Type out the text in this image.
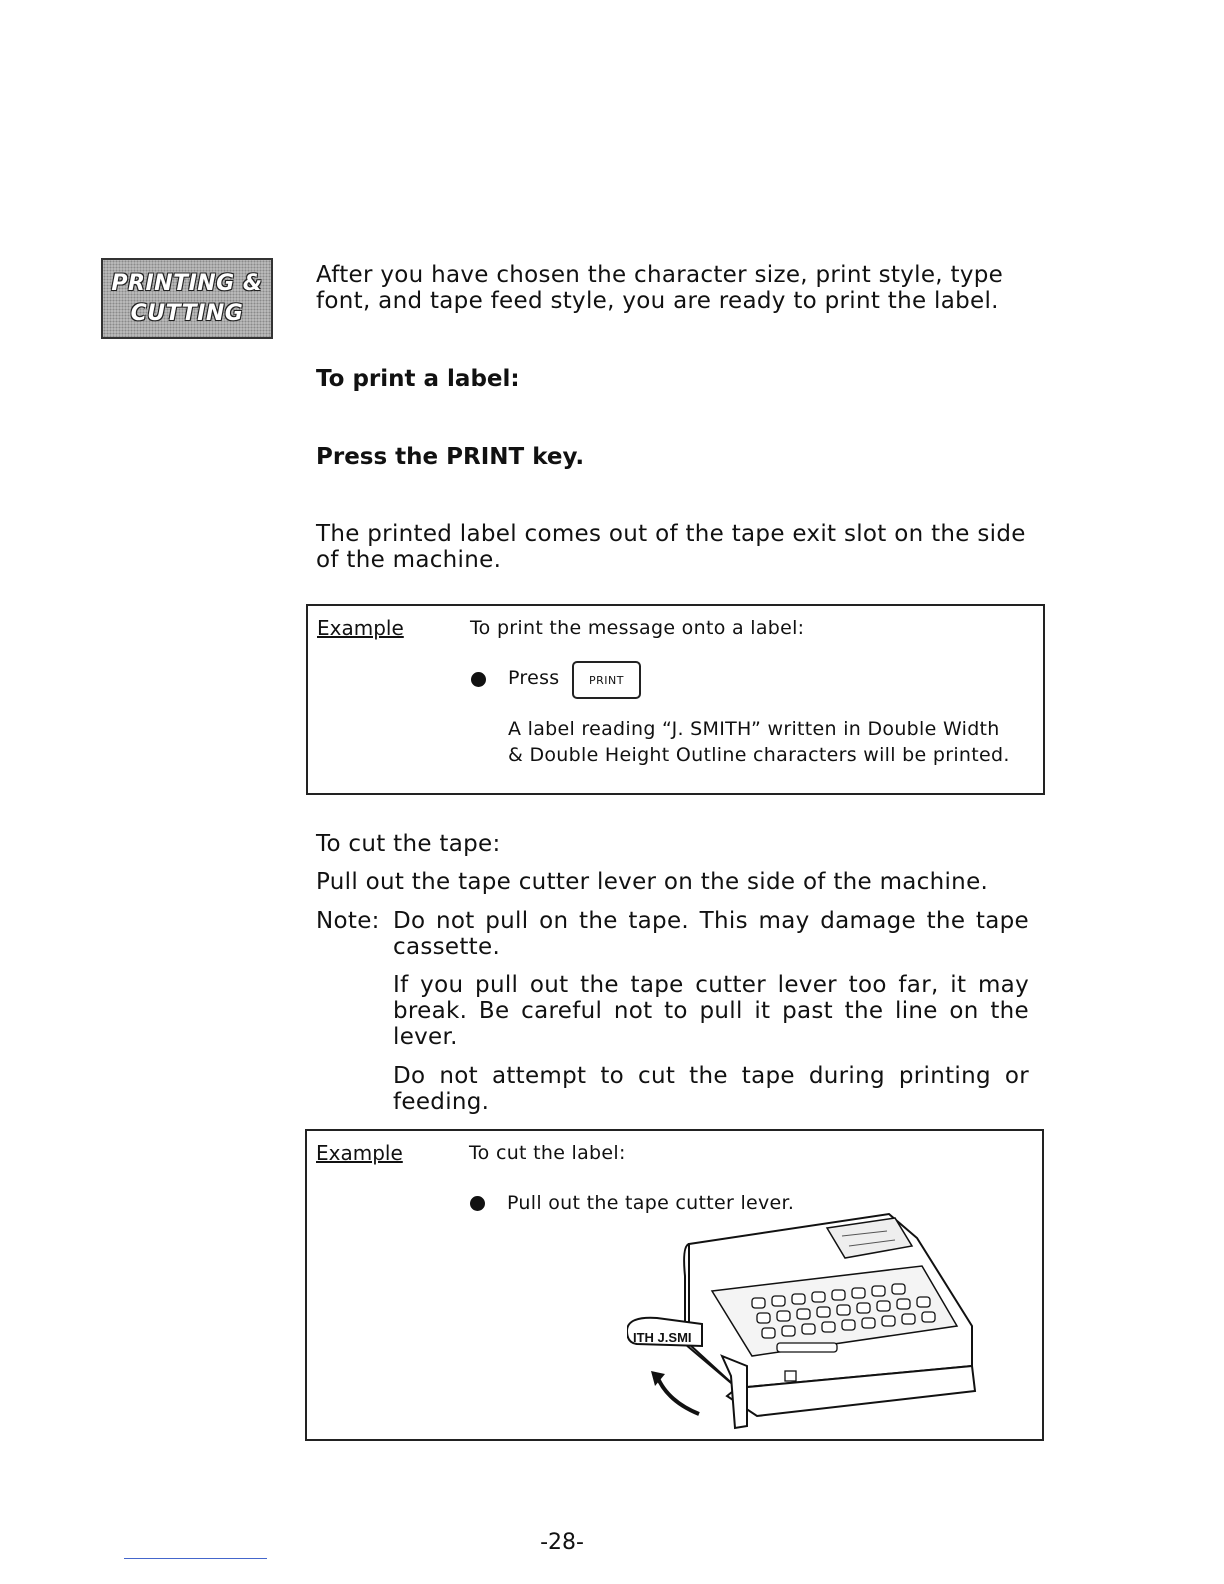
PRINTING &
CUTTING
After you have chosen the character size, print style, type font, and tape feed style, you are ready to print the label.
To print a label:
Press the PRINT key.
The printed label comes out of the tape exit slot on the side of the machine.
Example	To print the message onto a label:
Press	PRINT
A label reading “J. SMITH” written in Double Width
& Double Height Outline characters will be printed.
To cut the tape:
Pull out the tape cutter lever on the side of the machine.
Note: Do not pull on the tape. This may damage the tape cassette.
If you pull out the tape cutter lever too far, it may break. Be careful not to pull it past the line on the lever.
Do not attempt to cut the tape during printing or feeding.
Example	To cut the label:
Pull out the tape cutter lever.
ITH J.SMI
-28-
